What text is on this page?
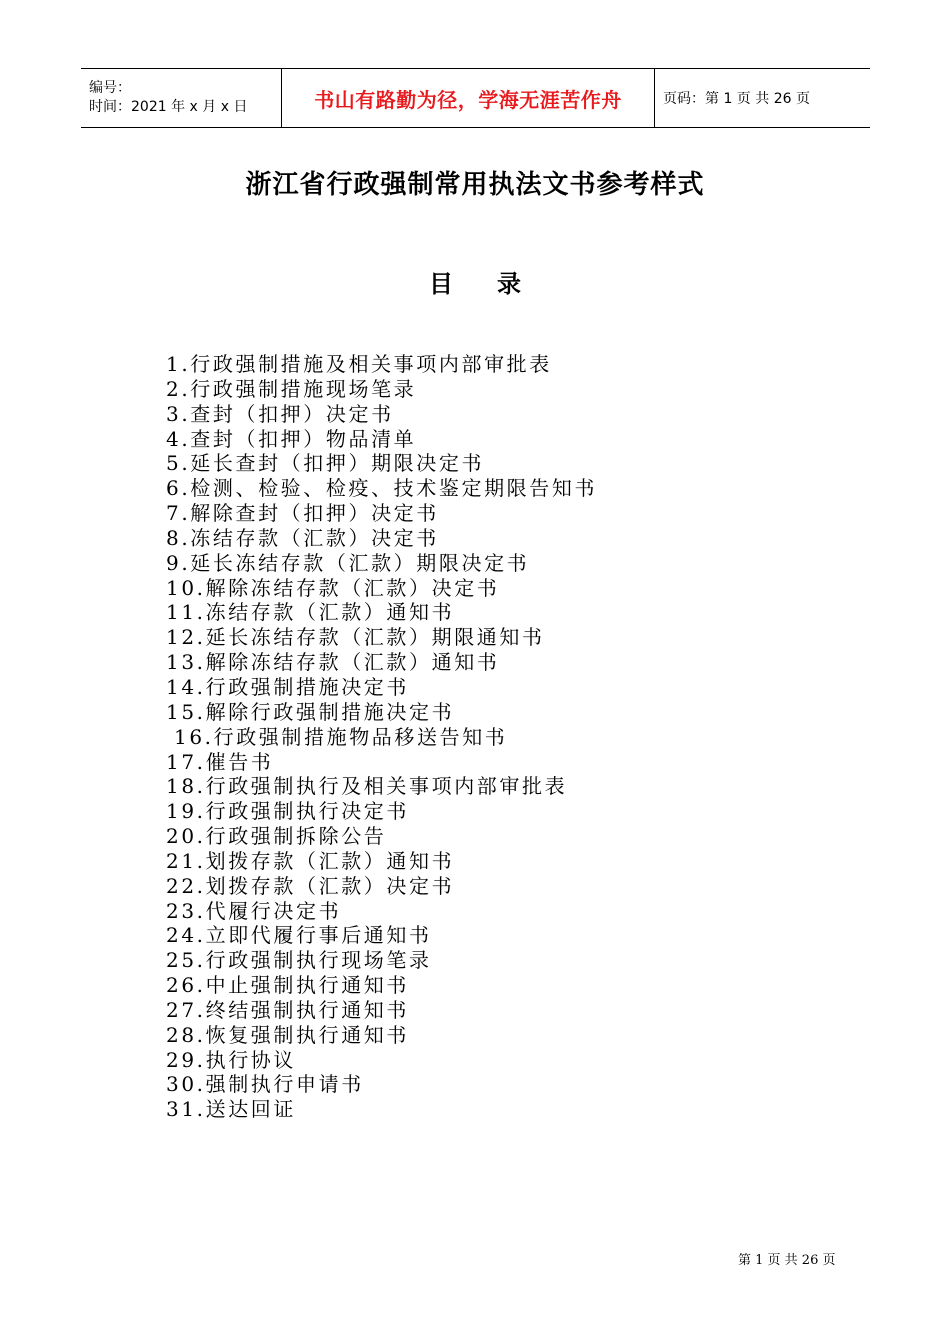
编号：
时间：2021 年 x 月 x 日	书山有路勤为径，学海无涯苦作舟	页码：第 1 页 共 26 页
浙江省行政强制常用执法文书参考样式
目录
1.行政强制措施及相关事项内部审批表
2.行政强制措施现场笔录
3.查封（扣押）决定书
4.查封（扣押）物品清单
5.延长查封（扣押）期限决定书
6.检测、检验、检疫、技术鉴定期限告知书
7.解除查封（扣押）决定书
8.冻结存款（汇款）决定书
9.延长冻结存款（汇款）期限决定书
10.解除冻结存款（汇款）决定书
11.冻结存款（汇款）通知书
12.延长冻结存款（汇款）期限通知书
13.解除冻结存款（汇款）通知书
14.行政强制措施决定书
15.解除行政强制措施决定书
16.行政强制措施物品移送告知书
17.催告书
18.行政强制执行及相关事项内部审批表
19.行政强制执行决定书
20.行政强制拆除公告
21.划拨存款（汇款）通知书
22.划拨存款（汇款）决定书
23.代履行决定书
24.立即代履行事后通知书
25.行政强制执行现场笔录
26.中止强制执行通知书
27.终结强制执行通知书
28.恢复强制执行通知书
29.执行协议
30.强制执行申请书
31.送达回证
第 1 页 共 26 页
